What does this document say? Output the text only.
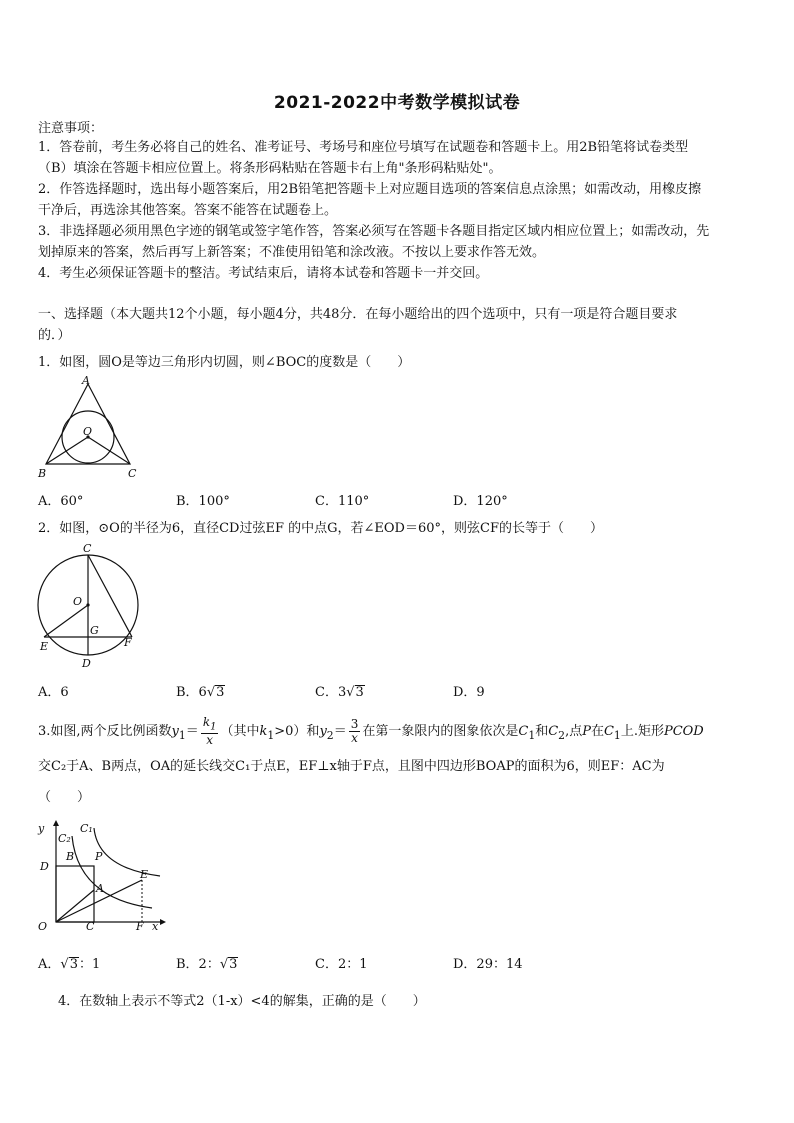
2021-2022中考数学模拟试卷
注意事项：
1．答卷前，考生务必将自己的姓名、准考证号、考场号和座位号填写在试题卷和答题卡上。用2B铅笔将试卷类型
（B）填涂在答题卡相应位置上。将条形码粘贴在答题卡右上角"条形码粘贴处"。
2．作答选择题时，选出每小题答案后，用2B铅笔把答题卡上对应题目选项的答案信息点涂黑；如需改动，用橡皮擦
干净后，再选涂其他答案。答案不能答在试题卷上。
3．非选择题必须用黑色字迹的钢笔或签字笔作答，答案必须写在答题卡各题目指定区域内相应位置上；如需改动，先
划掉原来的答案，然后再写上新答案；不准使用铅笔和涂改液。不按以上要求作答无效。
4．考生必须保证答题卡的整洁。考试结束后，请将本试卷和答题卡一并交回。
一、选择题（本大题共12个小题，每小题4分，共48分．在每小题给出的四个选项中，只有一项是符合题目要求
的．）
1．如图，圆O是等边三角形内切圆，则∠BOC的度数是（　　）
A
O
B	C
A．60°	B．100°	C．110°	D．120°
2．如图，⊙O的半径为6，直径CD过弦EF 的中点G，若∠EOD＝60°，则弦CF的长等于（　　）
C
O
G
E	F
D
A．6	B．6√3	C．3√3	D．9
3.如图,两个反比例函数$y_1= \frac{k_1}{x}$ （其中$k_1>0$）和$y_2= \frac{3}{x}$ 在第一象限内的图象依次是$C_1$和$C_2$,点P在$C_1$上.矩形PCOD
交C₂于A、B两点，OA的延长线交C₁于点E，EF⊥x轴于F点，且图中四边形BOAP的面积为6，则EF：AC为
（　　）
y
C₂
C₁
D
B P
E
A
O	C	F x
A．√3：1	B．2：√3	C．2：1	D．29：14
4．在数轴上表示不等式2（1-x）<4的解集，正确的是（　　）
